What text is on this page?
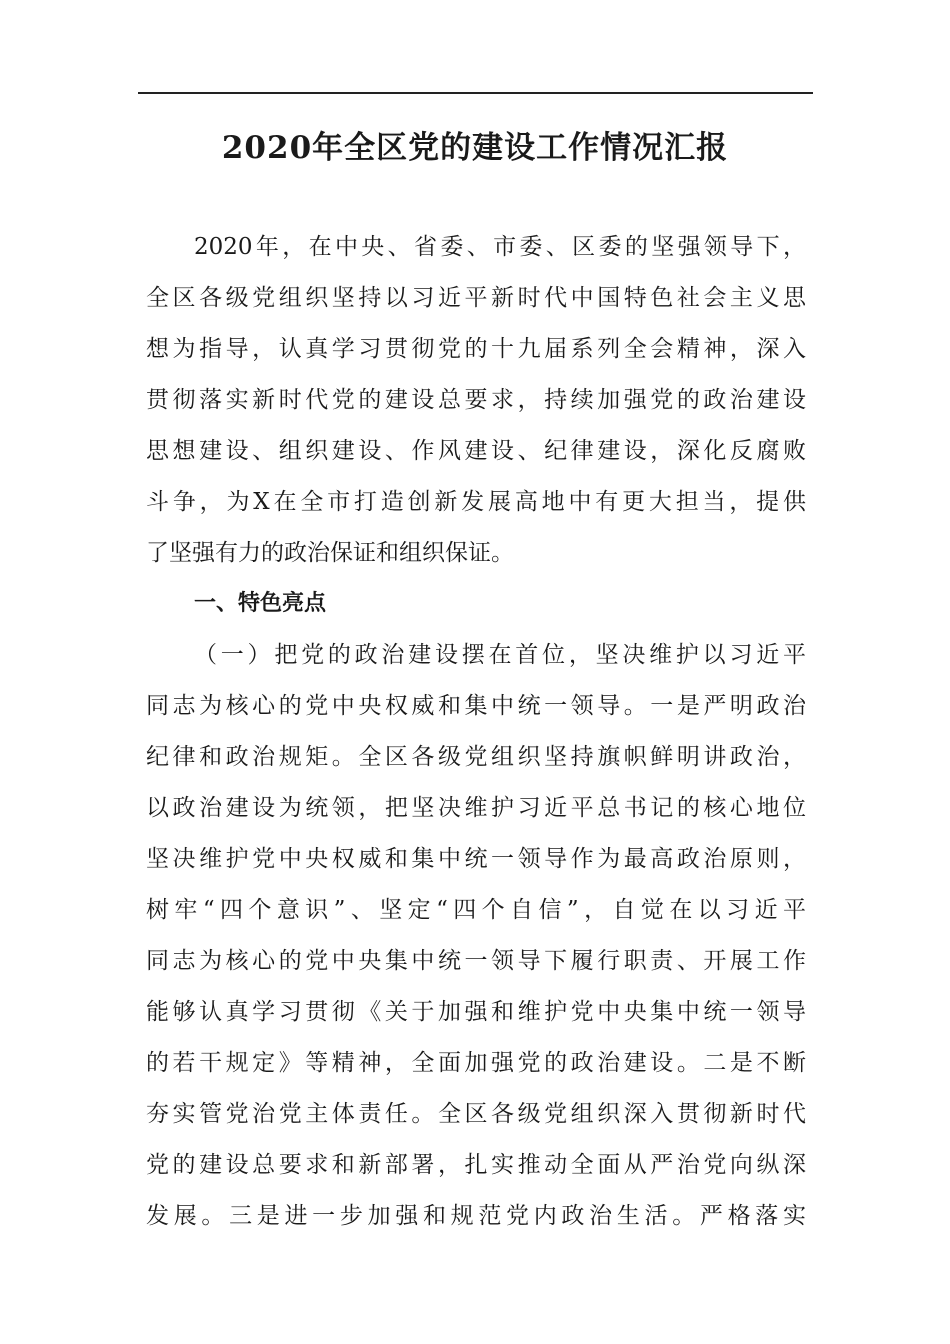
2020年全区党的建设工作情况汇报
2020年，在中央、省委、市委、区委的坚强领导下，
全区各级党组织坚持以习近平新时代中国特色社会主义思
想为指导，认真学习贯彻党的十九届系列全会精神，深入
贯彻落实新时代党的建设总要求，持续加强党的政治建设
思想建设、组织建设、作风建设、纪律建设，深化反腐败
斗争，为X在全市打造创新发展高地中有更大担当，提供
了坚强有力的政治保证和组织保证。
一、特色亮点
（一）把党的政治建设摆在首位，坚决维护以习近平
同志为核心的党中央权威和集中统一领导。一是严明政治
纪律和政治规矩。全区各级党组织坚持旗帜鲜明讲政治，
以政治建设为统领，把坚决维护习近平总书记的核心地位
坚决维护党中央权威和集中统一领导作为最高政治原则，
树牢“四个意识”、坚定“四个自信”，自觉在以习近平
同志为核心的党中央集中统一领导下履行职责、开展工作
能够认真学习贯彻《关于加强和维护党中央集中统一领导
的若干规定》等精神，全面加强党的政治建设。二是不断
夯实管党治党主体责任。全区各级党组织深入贯彻新时代
党的建设总要求和新部署，扎实推动全面从严治党向纵深
发展。三是进一步加强和规范党内政治生活。严格落实
